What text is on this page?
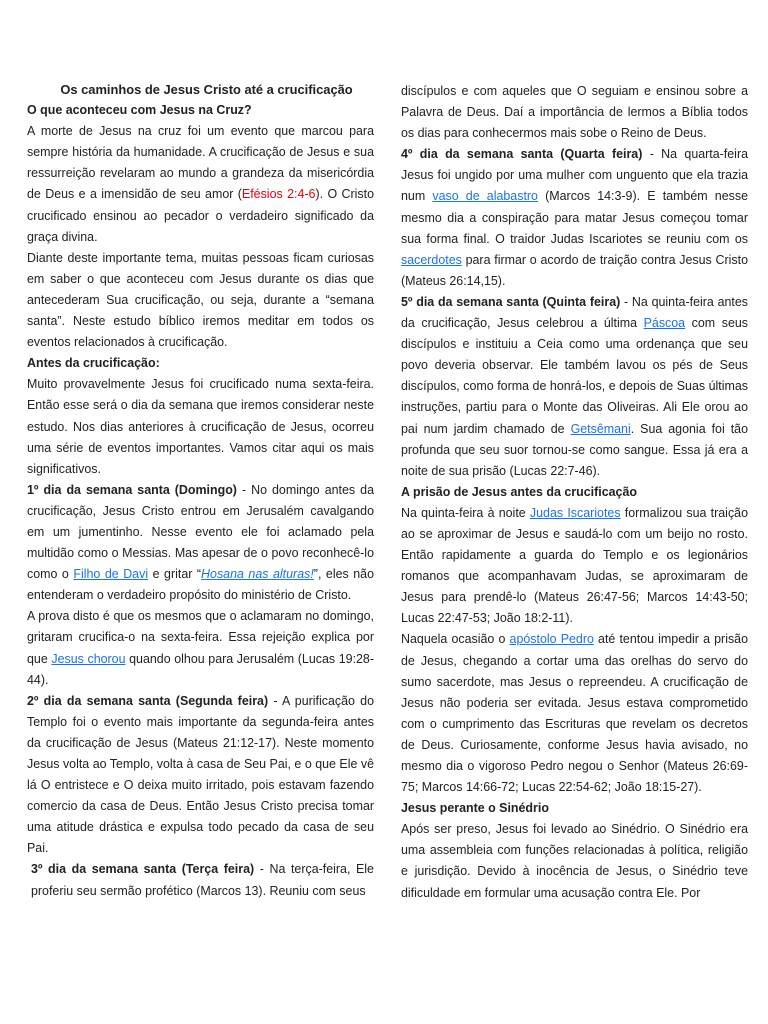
Os caminhos de Jesus Cristo até a crucificação

O que aconteceu com Jesus na Cruz?

A morte de Jesus na cruz foi um evento que marcou para sempre história da humanidade. A crucificação de Jesus e sua ressurreição revelaram ao mundo a grandeza da misericórdia de Deus e a imensidão de seu amor (Efésios 2:4-6). O Cristo crucificado ensinou ao pecador o verdadeiro significado da graça divina.

Diante deste importante tema, muitas pessoas ficam curiosas em saber o que aconteceu com Jesus durante os dias que antecederam Sua crucificação, ou seja, durante a “semana santa”. Neste estudo bíblico iremos meditar em todos os eventos relacionados à crucificação.

Antes da crucificação:

Muito provavelmente Jesus foi crucificado numa sexta-feira. Então esse será o dia da semana que iremos considerar neste estudo. Nos dias anteriores à crucificação de Jesus, ocorreu uma série de eventos importantes. Vamos citar aqui os mais significativos.

1º dia da semana santa (Domingo) - No domingo antes da crucificação, Jesus Cristo entrou em Jerusalém cavalgando em um jumentinho. Nesse evento ele foi aclamado pela multidão como o Messias. Mas apesar de o povo reconhecê-lo como o Filho de Davi e gritar “Hosana nas alturas!”, eles não entenderam o verdadeiro propósito do ministério de Cristo.

A prova disto é que os mesmos que o aclamaram no domingo, gritaram crucifica-o na sexta-feira. Essa rejeição explica por que Jesus chorou quando olhou para Jerusalém (Lucas 19:28-44).

2º dia da semana santa (Segunda feira) - A purificação do Templo foi o evento mais importante da segunda-feira antes da crucificação de Jesus (Mateus 21:12-17). Neste momento Jesus volta ao Templo, volta à casa de Seu Pai, e o que Ele vê lá O entristece e O deixa muito irritado, pois estavam fazendo comercio da casa de Deus. Então Jesus Cristo precisa tomar uma atitude drástica e expulsa todo pecado da casa de seu Pai.

3º dia da semana santa (Terça feira) - Na terça-feira, Ele proferiu seu sermão profético (Marcos 13). Reuniu com seus

discípulos e com aqueles que O seguiam e ensinou sobre a Palavra de Deus. Daí a importância de lermos a Bíblia todos os dias para conhecermos mais sobe o Reino de Deus.

4º dia da semana santa (Quarta feira) - Na quarta-feira Jesus foi ungido por uma mulher com unguento que ela trazia num vaso de alabastro (Marcos 14:3-9). E também nesse mesmo dia a conspiração para matar Jesus começou tomar sua forma final. O traidor Judas Iscariotes se reuniu com os sacerdotes para firmar o acordo de traição contra Jesus Cristo (Mateus 26:14,15).

5º dia da semana santa (Quinta feira) - Na quinta-feira antes da crucificação, Jesus celebrou a última Páscoa com seus discípulos e instituiu a Ceia como uma ordenança que seu povo deveria observar. Ele também lavou os pés de Seus discípulos, como forma de honrá-los, e depois de Suas últimas instruções, partiu para o Monte das Oliveiras. Ali Ele orou ao pai num jardim chamado de Getsêmani. Sua agonia foi tão profunda que seu suor tornou-se como sangue. Essa já era a noite de sua prisão (Lucas 22:7-46).

A prisão de Jesus antes da crucificação

Na quinta-feira à noite Judas Iscariotes formalizou sua traição ao se aproximar de Jesus e saudá-lo com um beijo no rosto. Então rapidamente a guarda do Templo e os legionários romanos que acompanhavam Judas, se aproximaram de Jesus para prendê-lo (Mateus 26:47-56; Marcos 14:43-50; Lucas 22:47-53; João 18:2-11).

Naquela ocasião o apóstolo Pedro até tentou impedir a prisão de Jesus, chegando a cortar uma das orelhas do servo do sumo sacerdote, mas Jesus o repreendeu. A crucificação de Jesus não poderia ser evitada. Jesus estava comprometido com o cumprimento das Escrituras que revelam os decretos de Deus. Curiosamente, conforme Jesus havia avisado, no mesmo dia o vigoroso Pedro negou o Senhor (Mateus 26:69-75; Marcos 14:66-72; Lucas 22:54-62; João 18:15-27).

Jesus perante o Sinédrio

Após ser preso, Jesus foi levado ao Sinédrio. O Sinédrio era uma assembleia com funções relacionadas à política, religião e jurisdição. Devido à inocência de Jesus, o Sinédrio teve dificuldade em formular uma acusação contra Ele. Por
